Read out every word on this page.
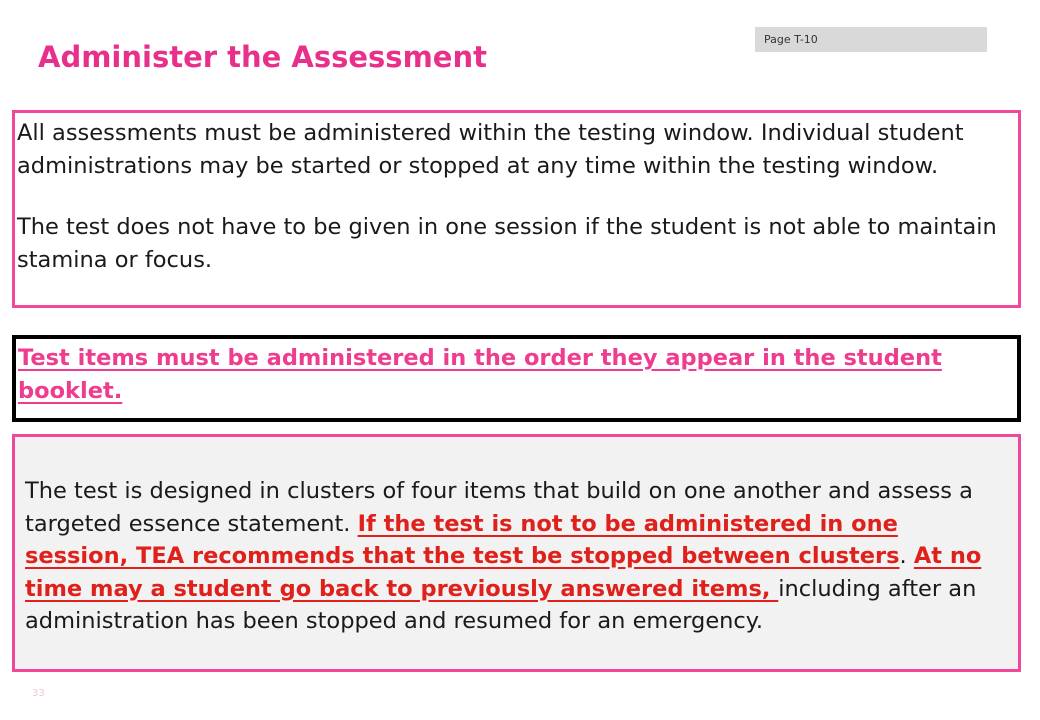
Page T-10
Administer the Assessment

All assessments must be administered within the testing window. Individual student administrations may be started or stopped at any time within the testing window.

The test does not have to be given in one session if the student is not able to maintain stamina or focus.

Test items must be administered in the order they appear in the student booklet.

The test is designed in clusters of four items that build on one another and assess a targeted essence statement. If the test is not to be administered in one session, TEA recommends that the test be stopped between clusters. At no time may a student go back to previously answered items, including after an administration has been stopped and resumed for an emergency.

33
